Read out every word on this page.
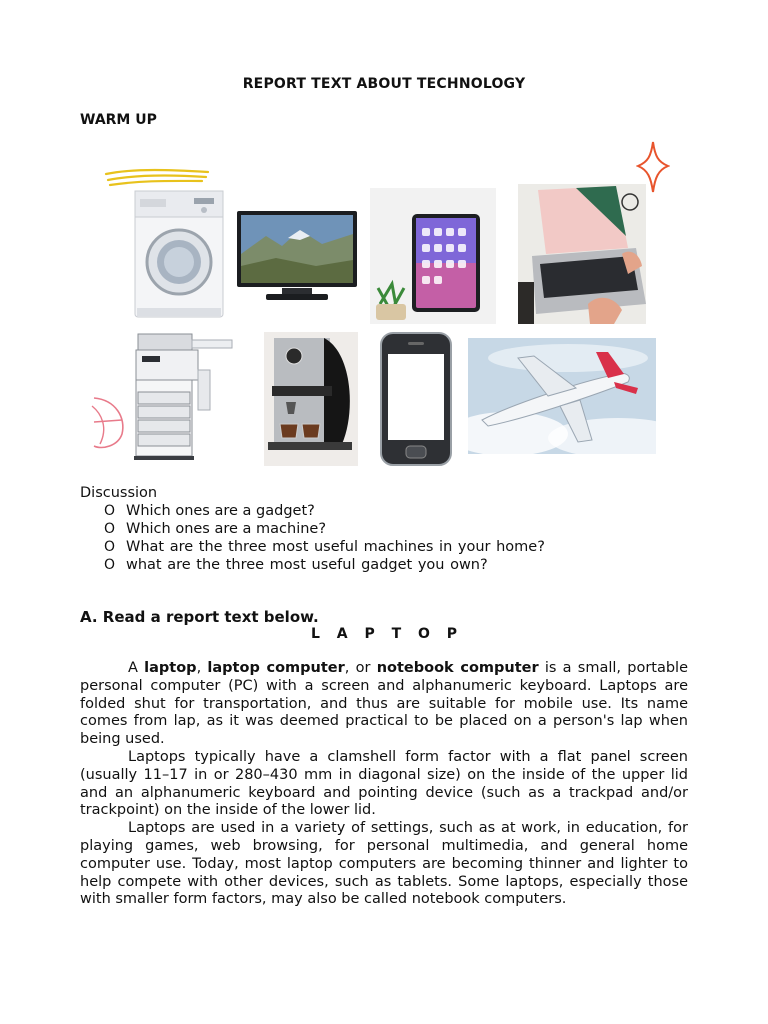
REPORT TEXT ABOUT TECHNOLOGY
WARM UP
Discussion
O Which ones are a gadget?
O Which ones are a machine?
O What are the three most useful machines in your home?
O what are the three most useful gadget you own?
A. Read a report text below.
L A P T O P

A laptop, laptop computer, or notebook computer is a small, portable personal computer (PC) with a screen and alphanumeric keyboard. Laptops are folded shut for transportation, and thus are suitable for mobile use. Its name comes from lap, as it was deemed practical to be placed on a person's lap when being used.

Laptops typically have a clamshell form factor with a flat panel screen (usually 11–17 in or 280–430 mm in diagonal size) on the inside of the upper lid and an alphanumeric keyboard and pointing device (such as a trackpad and/or trackpoint) on the inside of the lower lid.

Laptops are used in a variety of settings, such as at work, in education, for playing games, web browsing, for personal multimedia, and general home computer use. Today, most laptop computers are becoming thinner and lighter to help compete with other devices, such as tablets. Some laptops, especially those with smaller form factors, may also be called notebook computers.
